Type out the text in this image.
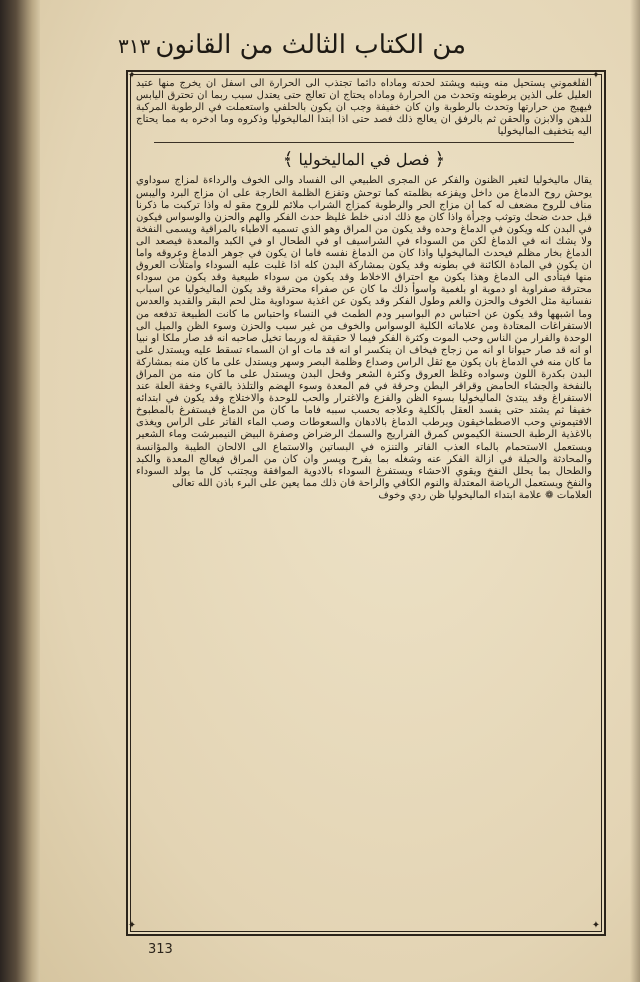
من الكتاب الثالث من القانون
٣١٣
✦	✦
✦	✦

الفلغموني يستحيل منه وينبه ويشتد لحدته وماداه دائما تجتذب الى الحرارة الى اسفل ان يخرج منها عتيد العليل على الذين يرطوبته وتحدث من الحرارة وماداه يحتاج ان تعالج حتى يعتدل سبب ربما ان تحترق اليابس فيهيج من حرارتها وتحدث بالرطوبة وان كان خفيفة وجب ان يكون بالحلفي واستعملت في الرطوبة المركبة للدهن والابزن والحقن ثم بالرفق ان يعالج ذلك فصد حتى اذا ابتدا الماليخوليا وذكروه وما ادخره به مما يحتاج اليه بتخفيف الماليخوليا

﴿ فصل في الماليخوليا ﴾

يقال ماليخوليا لتغير الظنون والفكر عن المجرى الطبيعي الى الفساد والى الخوف والرداءة لمزاج سوداوي يوحش روح الدماغ من داخل ويفزعه بظلمته كما توحش وتفزع الظلمة الخارجة على ان مزاج البرد واليبس مناف للروح مضعف له كما ان مزاج الحر والرطوبة كمزاج الشراب ملائم للروح مقو له واذا تركبت ما ذكرنا قبل حدث ضحك وتوثب وجرأة واذا كان مع ذلك ادنى خلط غليظ حدث الفكر والهم والحزن والوسواس فيكون في البدن كله ويكون في الدماغ وحده وقد يكون من المراق وهو الذي تسميه الاطباء بالمراقية ويسمى النفخة ولا يشك انه في الدماغ لكن من السوداء في الشراسيف او في الطحال او في الكبد والمعدة فيصعد الى الدماغ بخار مظلم فيحدث الماليخوليا واذا كان من الدماغ نفسه فاما ان يكون في جوهر الدماغ وعروقه واما ان يكون في المادة الكائنة في بطونه وقد يكون بمشاركة البدن كله اذا غلبت عليه السوداء وامتلأت العروق منها فيتأدى الى الدماغ وهذا يكون مع احتراق الاخلاط وقد يكون من سوداء طبيعية وقد يكون من سوداء محترقة صفراوية او دموية او بلغمية واسوأ ذلك ما كان عن صفراء محترقة وقد يكون الماليخوليا عن اسباب نفسانية مثل الخوف والحزن والغم وطول الفكر وقد يكون عن اغذية سوداوية مثل لحم البقر والقديد والعدس وما اشبهها وقد يكون عن احتباس دم البواسير ودم الطمث في النساء واحتباس ما كانت الطبيعة تدفعه من الاستفراغات المعتادة ومن علاماته الكلية الوسواس والخوف من غير سبب والحزن وسوء الظن والميل الى الوحدة والفرار من الناس وحب الموت وكثرة الفكر فيما لا حقيقة له وربما تخيل صاحبه انه قد صار ملكا او نبيا او انه قد صار حيوانا او انه من زجاج فيخاف ان ينكسر او انه قد مات او ان السماء تسقط عليه ويستدل على ما كان منه في الدماغ بان يكون مع ثقل الراس وصداع وظلمة البصر وسهر ويستدل على ما كان منه بمشاركة البدن بكدرة اللون وسواده وغلظ العروق وكثرة الشعر وقحل البدن ويستدل على ما كان منه من المراق بالنفخة والجشاء الحامض وقراقر البطن وحرقة في فم المعدة وسوء الهضم والتلذذ بالقيء وخفة العلة عند الاستفراغ وقد يبتدئ الماليخوليا بسوء الظن والفزع والاغترار والحب للوحدة والاختلاج وقد يكون في ابتدائه خفيفا ثم يشتد حتى يفسد العقل بالكلية وعلاجه بحسب سببه فاما ما كان من الدماغ فيستفرغ بالمطبوخ الافتيموني وحب الاصطماخيقون ويرطب الدماغ بالادهان والسعوطات وصب الماء الفاتر على الراس ويغذى بالاغذية الرطبة الحسنة الكيموس كمرق الفراريج والسمك الرضراض وصفرة البيض النيمبرشت وماء الشعير ويستعمل الاستحمام بالماء العذب الفاتر والتنزه في البساتين والاستماع الى الالحان الطيبة والمؤانسة والمحادثة والحيلة في ازالة الفكر عنه وشغله بما يفرح ويسر وان كان من المراق فيعالج المعدة والكبد والطحال بما يحلل النفخ ويقوي الاحشاء ويستفرغ السوداء بالادوية الموافقة ويجتنب كل ما يولد السوداء والنفخ ويستعمل الرياضة المعتدلة والنوم الكافي والراحة فان ذلك مما يعين على البرء باذن الله تعالى

العلامات ❁ علامة ابتداء الماليخوليا ظن ردي وخوف

313
